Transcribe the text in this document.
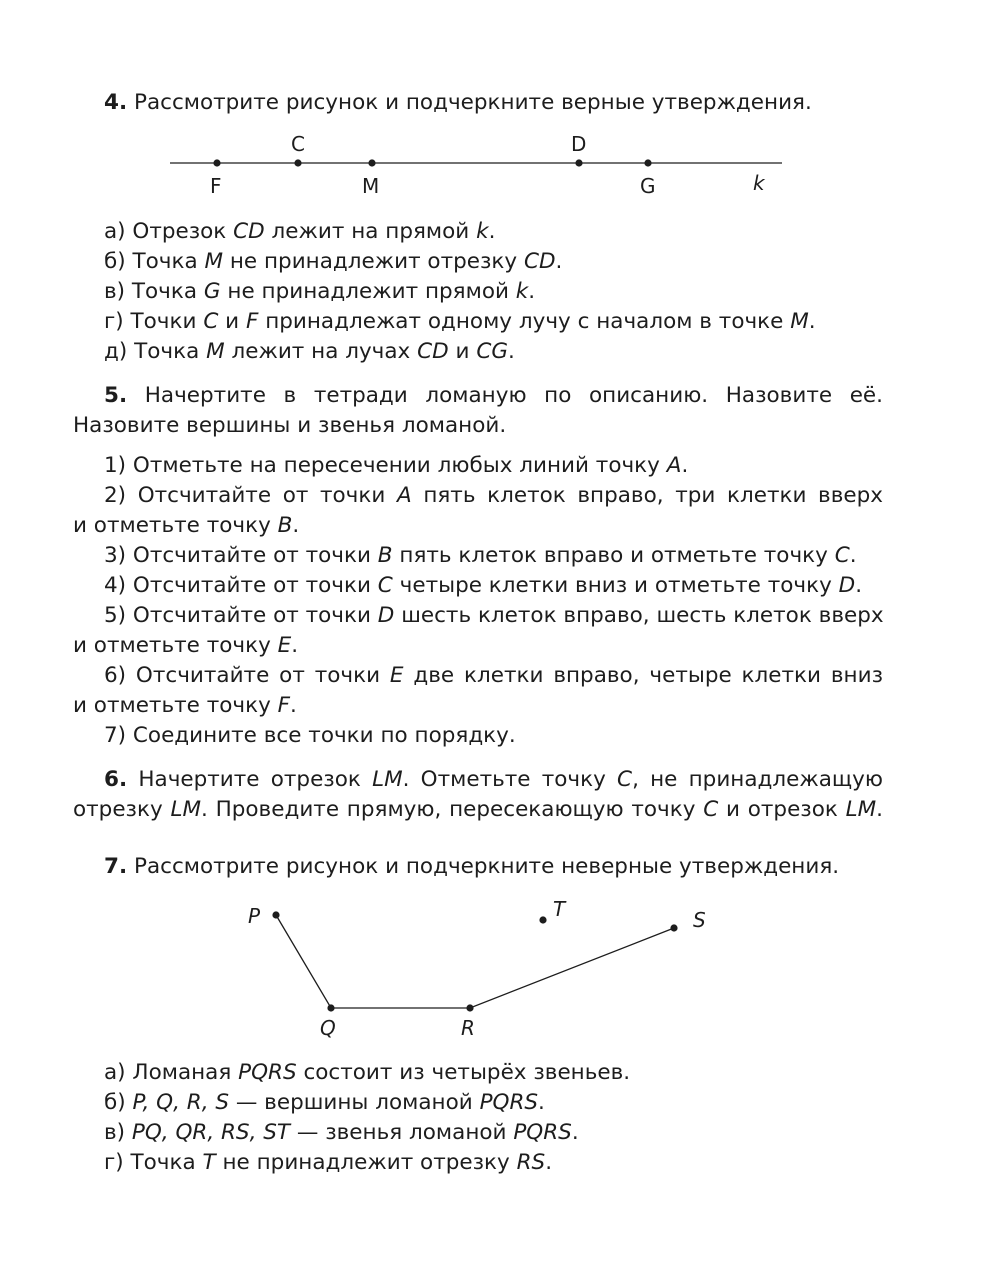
4. Рассмотрите рисунок и подчеркните верные утверждения.
C	D
F	M	G	k
а) Отрезок CD лежит на прямой k.
б) Точка M не принадлежит отрезку CD.
в) Точка G не принадлежит прямой k.
г) Точки C и F принадлежат одному лучу с началом в точке M.
д) Точка M лежит на лучах CD и CG.
5. Начертите в тетради ломаную по описанию. Назовите её.
Назовите вершины и звенья ломаной.
1) Отметьте на пересечении любых линий точку A.
2) Отсчитайте от точки A пять клеток вправо, три клетки вверх
и отметьте точку B.
3) Отсчитайте от точки B пять клеток вправо и отметьте точку C.
4) Отсчитайте от точки C четыре клетки вниз и отметьте точку D.
5) Отсчитайте от точки D шесть клеток вправо, шесть клеток вверх
и отметьте точку E.
6) Отсчитайте от точки E две клетки вправо, четыре клетки вниз
и отметьте точку F.
7) Соедините все точки по порядку.
6. Начертите отрезок LM. Отметьте точку C, не принадлежащую
отрезку LM. Проведите прямую, пересекающую точку C и отрезок LM.
7. Рассмотрите рисунок и подчеркните неверные утверждения.
P	T	S
Q	R
а) Ломаная PQRS состоит из четырёх звеньев.
б) P, Q, R, S — вершины ломаной PQRS.
в) PQ, QR, RS, ST — звенья ломаной PQRS.
г) Точка T не принадлежит отрезку RS.
